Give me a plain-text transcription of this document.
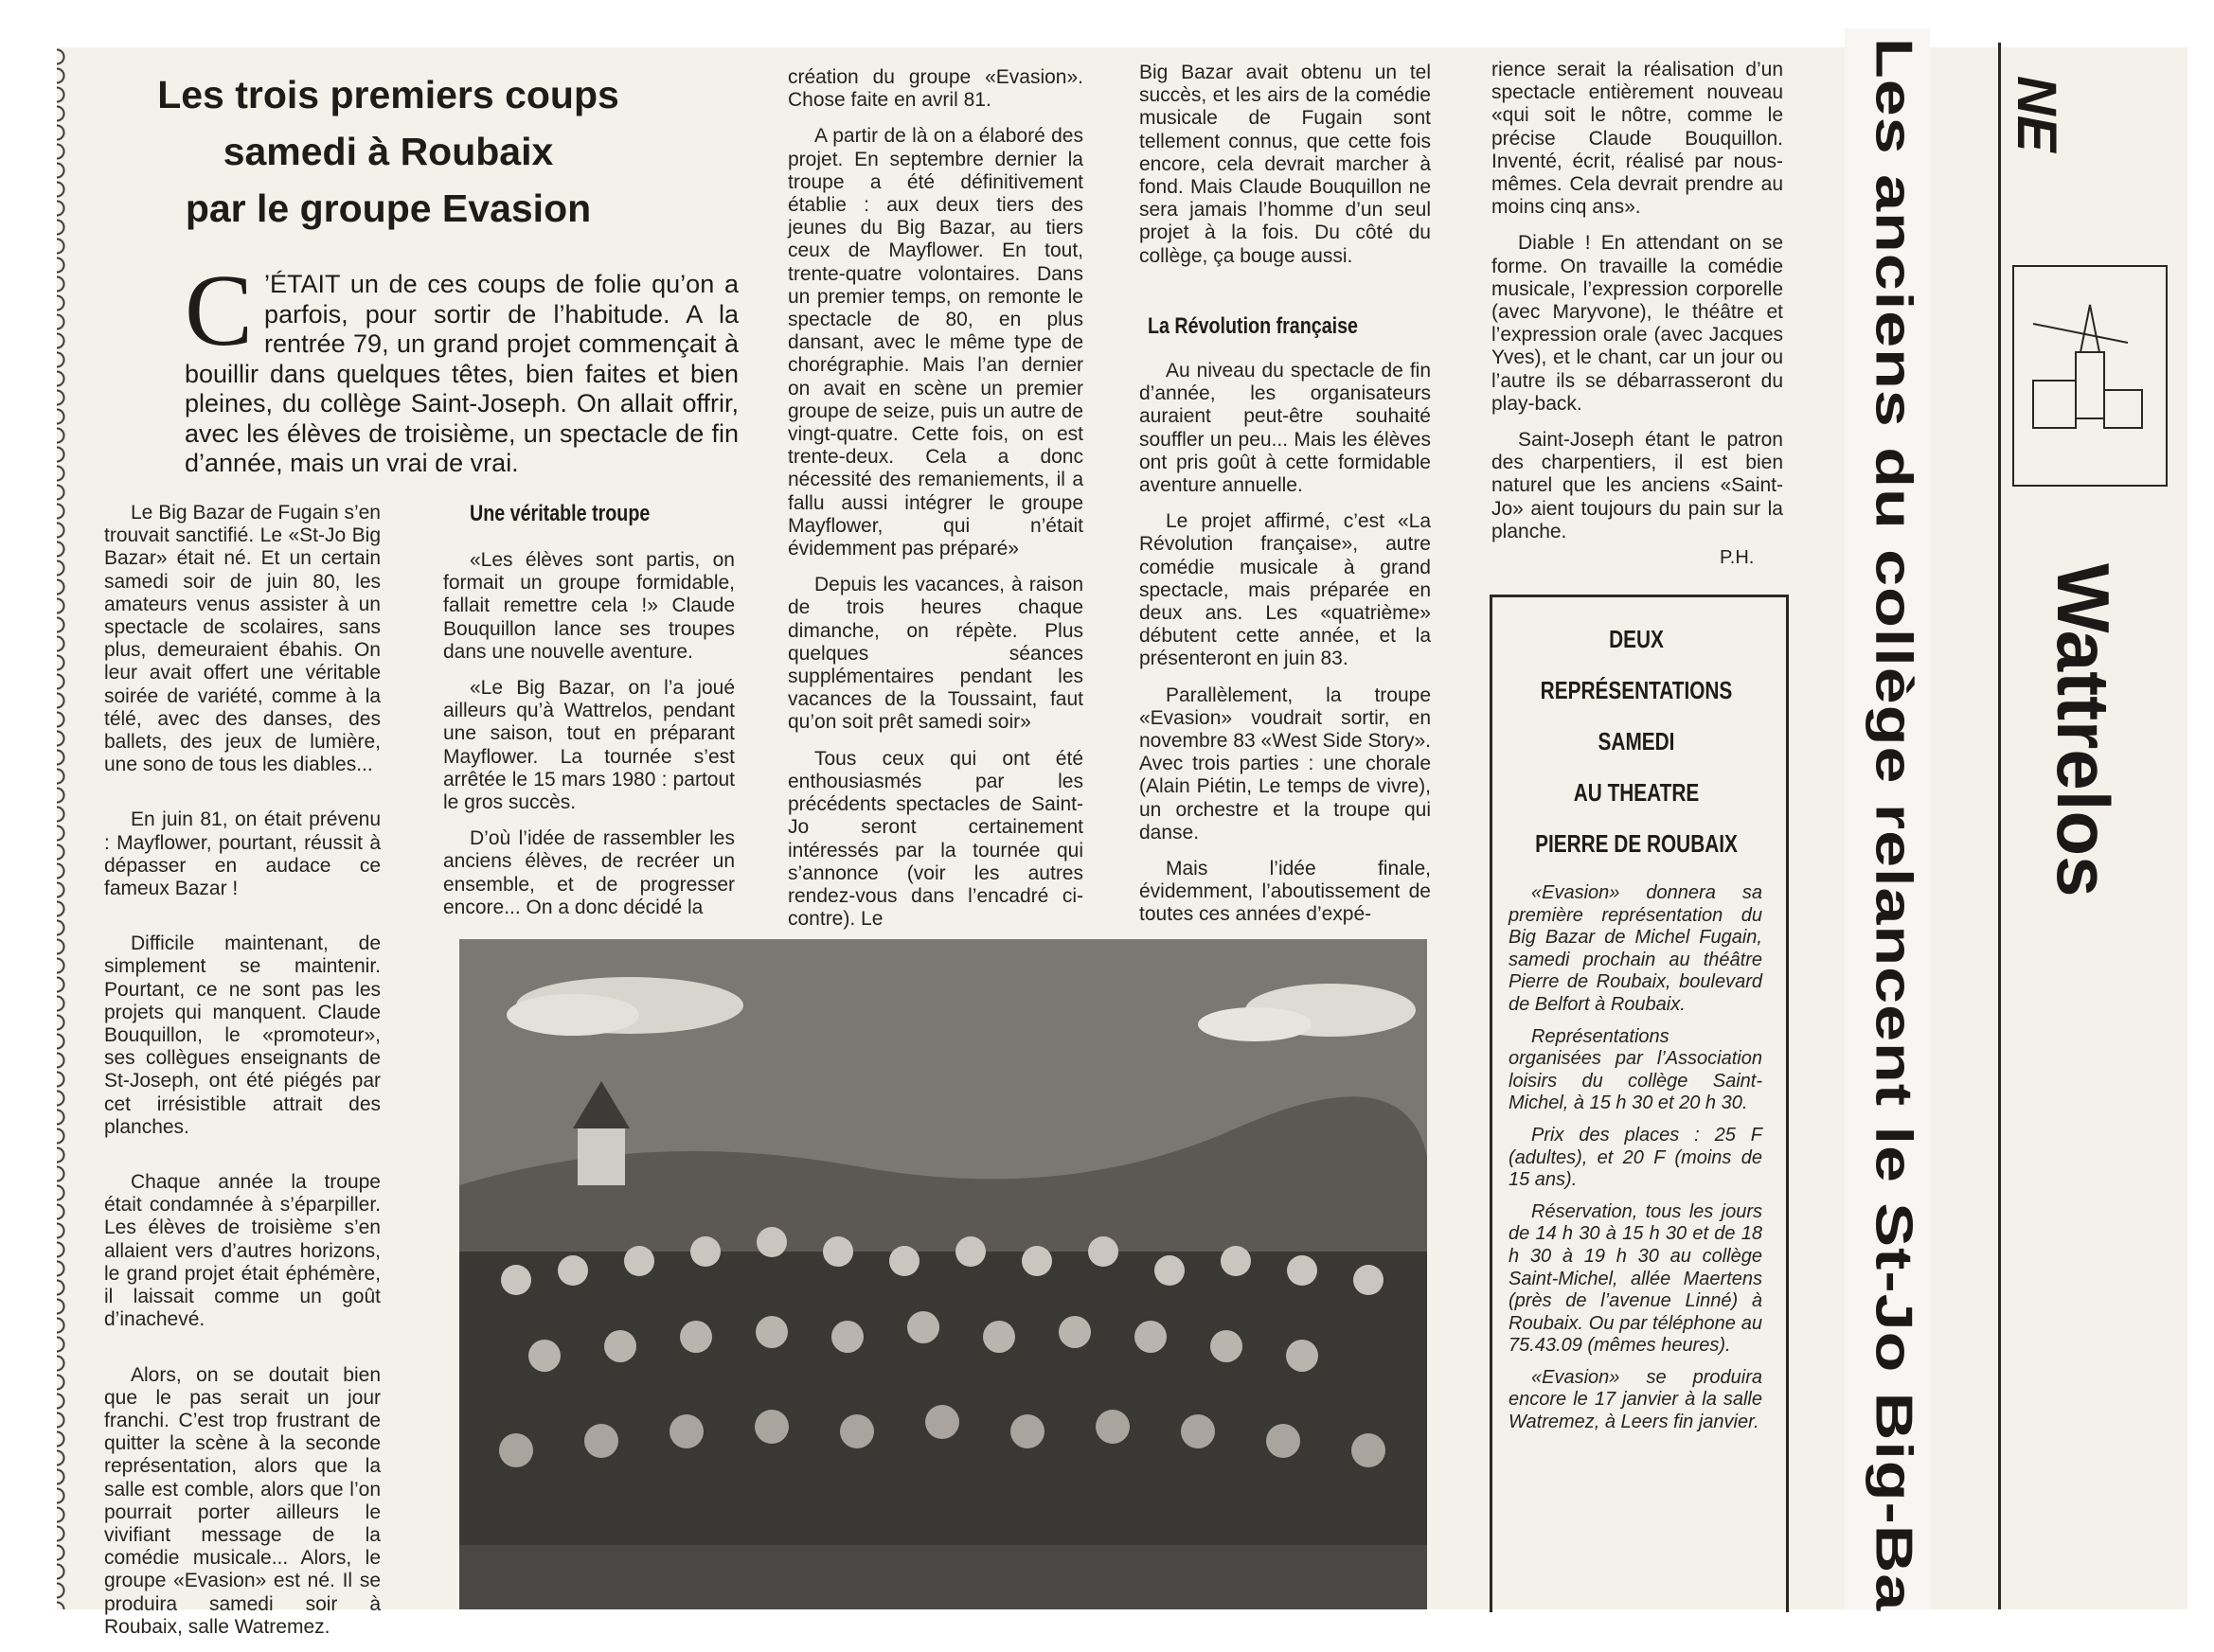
Les trois premiers coups
samedi à Roubaix
par le groupe Evasion
C ’ÉTAIT un de ces coups de folie qu’on a parfois, pour sortir de l’habitude. A la rentrée 79, un grand projet commençait à bouillir dans quelques têtes, bien faites et bien pleines, du collège Saint-Joseph. On allait offrir, avec les élèves de troisième, un spectacle de fin d’année, mais un vrai de vrai.

Le Big Bazar de Fugain s’en trouvait sanctifié. Le «St-Jo Big Bazar» était né. Et un certain samedi soir de juin 80, les amateurs venus assister à un spectacle de scolaires, sans plus, demeuraient ébahis. On leur avait offert une véritable soirée de variété, comme à la télé, avec des danses, des ballets, des jeux de lumière, une sono de tous les diables...

En juin 81, on était prévenu : Mayflower, pourtant, réussit à dépasser en audace ce fameux Bazar !

Difficile maintenant, de simplement se maintenir. Pourtant, ce ne sont pas les projets qui manquent. Claude Bouquillon, le «promoteur», ses collègues enseignants de St-Joseph, ont été piégés par cet irrésistible attrait des planches.

Chaque année la troupe était condamnée à s’éparpiller. Les élèves de troisième s’en allaient vers d’autres horizons, le grand projet était éphémère, il laissait comme un goût d’inachevé.

Alors, on se doutait bien que le pas serait un jour franchi. C’est trop frustrant de quitter la scène à la seconde représentation, alors que la salle est comble, alors que l’on pourrait porter ailleurs le vivifiant message de la comédie musicale... Alors, le groupe «Evasion» est né. Il se produira samedi soir à Roubaix, salle Watremez.

Une véritable troupe

«Les élèves sont partis, on formait un groupe formidable, fallait remettre cela !» Claude Bouquillon lance ses troupes dans une nouvelle aventure.

«Le Big Bazar, on l’a joué ailleurs qu’à Wattrelos, pendant une saison, tout en préparant Mayflower. La tournée s’est arrêtée le 15 mars 1980 : partout le gros succès.

D’où l’idée de rassembler les anciens élèves, de recréer un ensemble, et de progresser encore... On a donc décidé la

création du groupe «Evasion». Chose faite en avril 81.

A partir de là on a élaboré des projet. En septembre dernier la troupe a été définitivement établie : aux deux tiers des jeunes du Big Bazar, au tiers ceux de Mayflower. En tout, trente-quatre volontaires. Dans un premier temps, on remonte le spectacle de 80, en plus dansant, avec le même type de chorégraphie. Mais l’an dernier on avait en scène un premier groupe de seize, puis un autre de vingt-quatre. Cette fois, on est trente-deux. Cela a donc nécessité des remaniements, il a fallu aussi intégrer le groupe Mayflower, qui n’était évidemment pas préparé»

Depuis les vacances, à raison de trois heures chaque dimanche, on répète. Plus quelques séances supplémentaires pendant les vacances de la Toussaint, faut qu’on soit prêt samedi soir»

Tous ceux qui ont été enthousiasmés par les précédents spectacles de Saint-Jo seront certainement intéressés par la tournée qui s’annonce (voir les autres rendez-vous dans l’encadré ci-contre). Le

Big Bazar avait obtenu un tel succès, et les airs de la comédie musicale de Fugain sont tellement connus, que cette fois encore, cela devrait marcher à fond. Mais Claude Bouquillon ne sera jamais l’homme d’un seul projet à la fois. Du côté du collège, ça bouge aussi.

La Révolution française

Au niveau du spectacle de fin d’année, les organisateurs auraient peut-être souhaité souffler un peu... Mais les élèves ont pris goût à cette formidable aventure annuelle.

Le projet affirmé, c’est «La Révolution française», autre comédie musicale à grand spectacle, mais préparée en deux ans. Les «quatrième» débutent cette année, et la présenteront en juin 83.

Parallèlement, la troupe «Evasion» voudrait sortir, en novembre 83 «West Side Story». Avec trois parties : une chorale (Alain Piétin, Le temps de vivre), un orchestre et la troupe qui danse.

Mais l’idée finale, évidemment, l’aboutissement de toutes ces années d’expé-

rience serait la réalisation d’un spectacle entièrement nouveau «qui soit le nôtre, comme le précise Claude Bouquillon. Inventé, écrit, réalisé par nous-mêmes. Cela devrait prendre au moins cinq ans».

Diable ! En attendant on se forme. On travaille la comédie musicale, l’expression corporelle (avec Maryvone), le théâtre et l’expression orale (avec Jacques Yves), et le chant, car un jour ou l’autre ils se débarrasseront du play-back.

Saint-Joseph étant le patron des charpentiers, il est bien naturel que les anciens «Saint-Jo» aient toujours du pain sur la planche.

P.H.
DEUX
REPRÉSENTATIONS
SAMEDI
AU THEATRE
PIERRE DE ROUBAIX

«Evasion» donnera sa première représentation du Big Bazar de Michel Fugain, samedi prochain au théâtre Pierre de Roubaix, boulevard de Belfort à Roubaix.

Représentations organisées par l’Association loisirs du collège Saint-Michel, à 15 h 30 et 20 h 30.

Prix des places : 25 F (adultes), et 20 F (moins de 15 ans).

Réservation, tous les jours de 14 h 30 à 15 h 30 et de 18 h 30 à 19 h 30 au collège Saint-Michel, allée Maertens (près de l’avenue Linné) à Roubaix. Ou par téléphone au 75.43.09 (mêmes heures).

«Evasion» se produira encore le 17 janvier à la salle Watremez, à Leers fin janvier. Les anciens du collège relancent le St-Jo Big-Ba NE
Wattrelos
